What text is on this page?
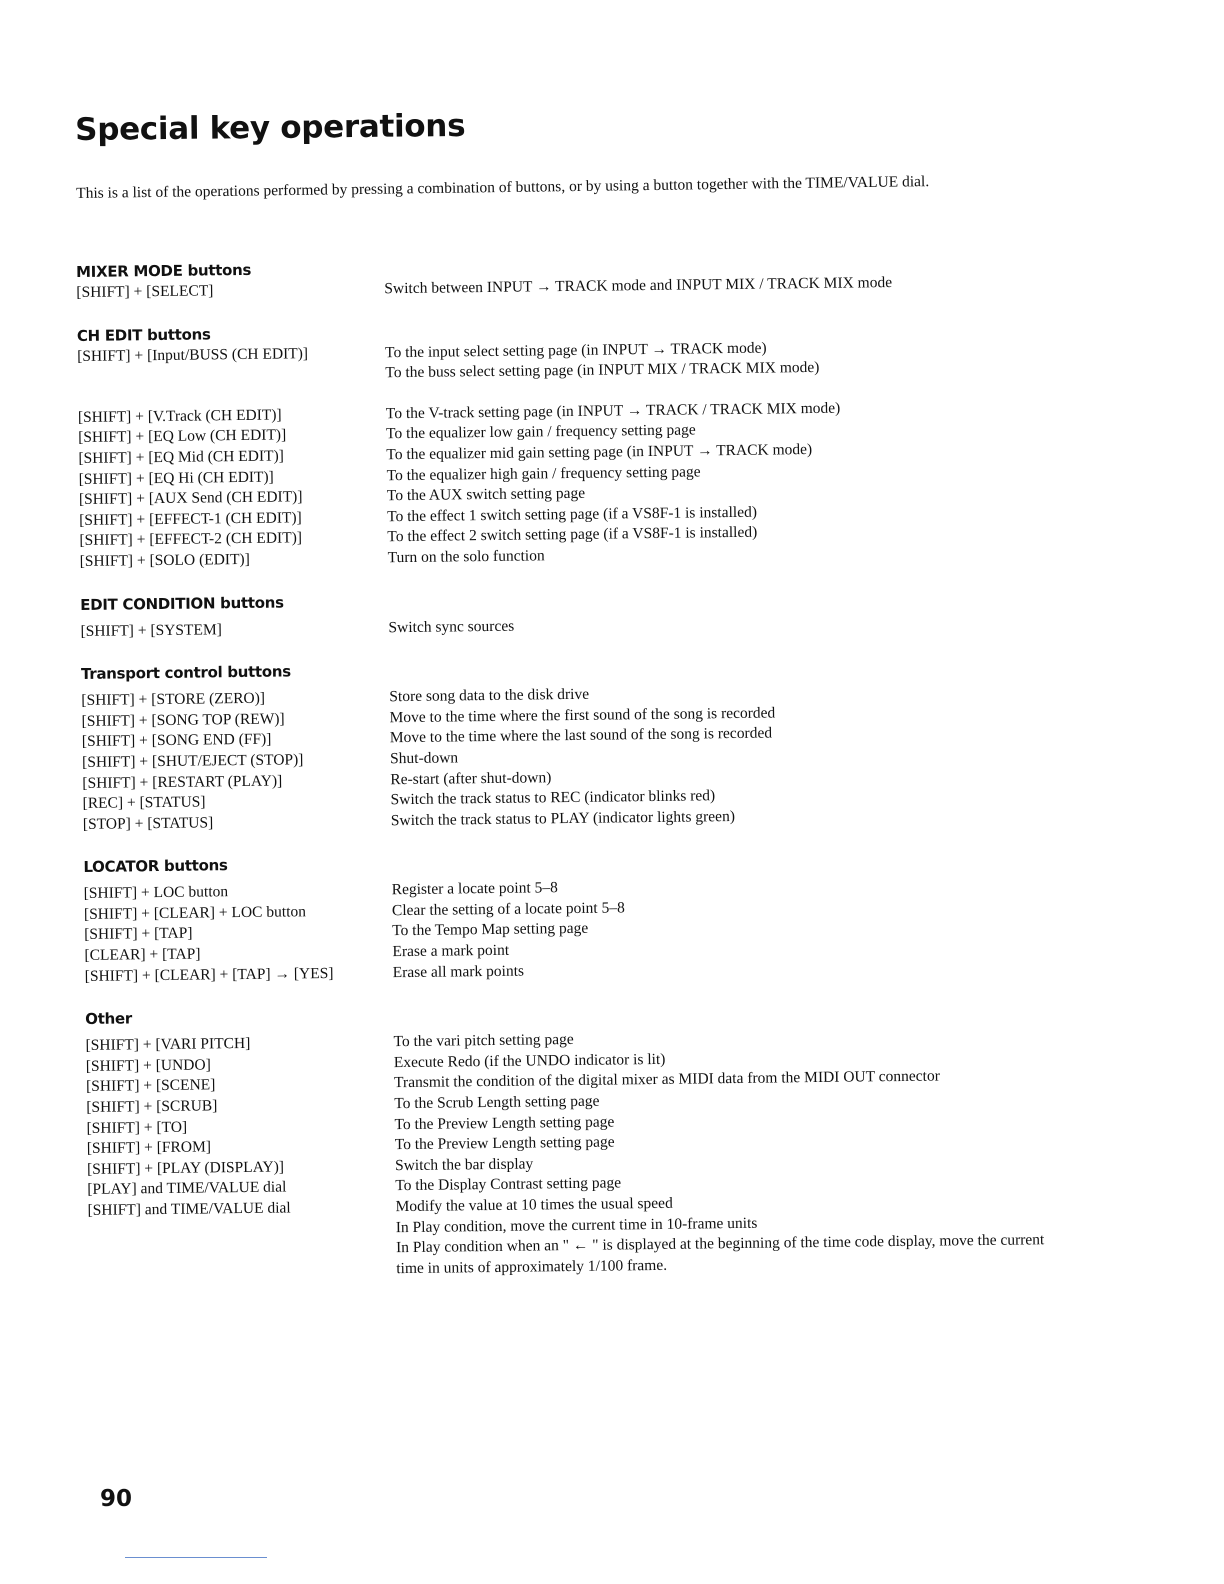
Special key operations
This is a list of the operations performed by pressing a combination of buttons, or by using a button together with the TIME/VALUE dial.
MIXER MODE buttons
[SHIFT] + [SELECT]	Switch between INPUT → TRACK mode and INPUT MIX / TRACK MIX mode
CH EDIT buttons
[SHIFT] + [Input/BUSS (CH EDIT)]	To the input select setting page (in INPUT → TRACK mode)
To the buss select setting page (in INPUT MIX / TRACK MIX mode)
[SHIFT] + [V.Track (CH EDIT)]	To the V-track setting page (in INPUT → TRACK / TRACK MIX mode)
[SHIFT] + [EQ Low (CH EDIT)]	To the equalizer low gain / frequency setting page
[SHIFT] + [EQ Mid (CH EDIT)]	To the equalizer mid gain setting page (in INPUT → TRACK mode)
[SHIFT] + [EQ Hi (CH EDIT)]	To the equalizer high gain / frequency setting page
[SHIFT] + [AUX Send (CH EDIT)]	To the AUX switch setting page
[SHIFT] + [EFFECT-1 (CH EDIT)]	To the effect 1 switch setting page (if a VS8F-1 is installed)
[SHIFT] + [EFFECT-2 (CH EDIT)]	To the effect 2 switch setting page (if a VS8F-1 is installed)
[SHIFT] + [SOLO (EDIT)]	Turn on the solo function
EDIT CONDITION buttons
[SHIFT] + [SYSTEM]	Switch sync sources
Transport control buttons
[SHIFT] + [STORE (ZERO)]	Store song data to the disk drive
[SHIFT] + [SONG TOP (REW)]	Move to the time where the first sound of the song is recorded
[SHIFT] + [SONG END (FF)]	Move to the time where the last sound of the song is recorded
[SHIFT] + [SHUT/EJECT (STOP)]	Shut-down
[SHIFT] + [RESTART (PLAY)]	Re-start (after shut-down)
[REC] + [STATUS]	Switch the track status to REC (indicator blinks red)
[STOP] + [STATUS]	Switch the track status to PLAY (indicator lights green)
LOCATOR buttons
[SHIFT] + LOC button	Register a locate point 5–8
[SHIFT] + [CLEAR] + LOC button	Clear the setting of a locate point 5–8
[SHIFT] + [TAP]	To the Tempo Map setting page
[CLEAR] + [TAP]	Erase a mark point
[SHIFT] + [CLEAR] + [TAP] → [YES]	Erase all mark points
Other
[SHIFT] + [VARI PITCH]	To the vari pitch setting page
[SHIFT] + [UNDO]	Execute Redo (if the UNDO indicator is lit)
[SHIFT] + [SCENE]	Transmit the condition of the digital mixer as MIDI data from the MIDI OUT connector
[SHIFT] + [SCRUB]	To the Scrub Length setting page
[SHIFT] + [TO]	To the Preview Length setting page
[SHIFT] + [FROM]	To the Preview Length setting page
[SHIFT] + [PLAY (DISPLAY)]	Switch the bar display
[PLAY] and TIME/VALUE dial	To the Display Contrast setting page
[SHIFT] and TIME/VALUE dial	Modify the value at 10 times the usual speed
In Play condition, move the current time in 10-frame units
In Play condition when an " ← " is displayed at the beginning of the time code display, move the current time in units of approximately 1/100 frame.
90
